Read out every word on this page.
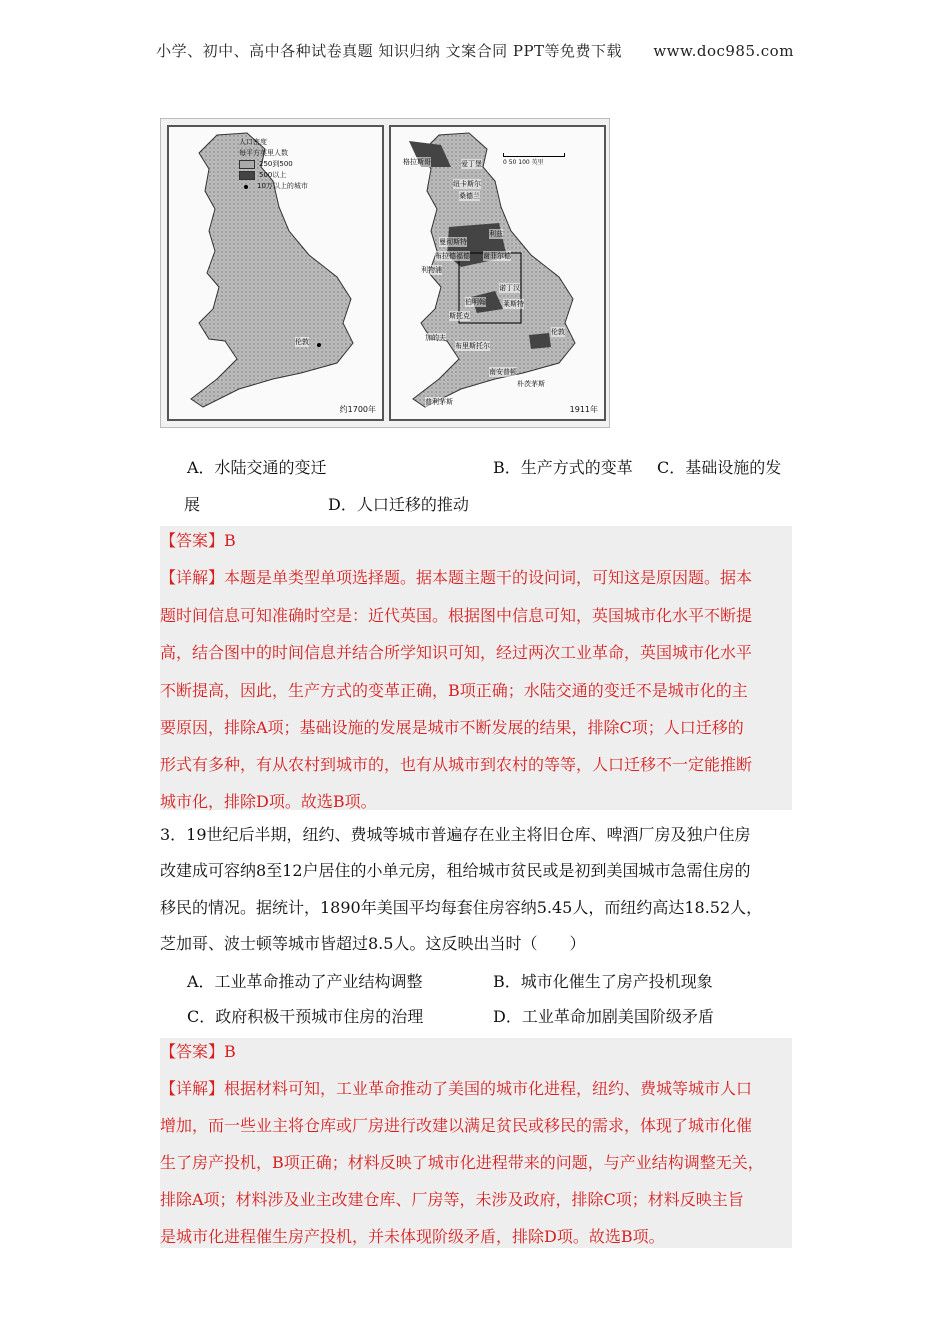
小学、初中、高中各种试卷真题 知识归纳 文案合同 PPT等免费下载 www.doc985.com
人口密度
每平方英里人数
250到500
500以上
10万以上的城市
伦敦
约1700年
0 50 100 英里
格拉斯哥	爱丁堡
纽卡斯尔
桑德兰
曼彻斯特
利兹
谢菲尔德
布拉德福德
利物浦
伯明翰
诺丁汉
莱斯特
斯托克
伦敦
南安普顿
朴茨茅斯
普利茅斯
布里斯托尔
加的夫
1911年
A．水陆交通的变迁	B．生产方式的变革 C．基础设施的发
展	D．人口迁移的推动
【答案】B
【详解】本题是单类型单项选择题。据本题主题干的设问词，可知这是原因题。据本
题时间信息可知准确时空是：近代英国。根据图中信息可知，英国城市化水平不断提
高，结合图中的时间信息并结合所学知识可知，经过两次工业革命，英国城市化水平
不断提高，因此，生产方式的变革正确，B项正确；水陆交通的变迁不是城市化的主
要原因，排除A项；基础设施的发展是城市不断发展的结果，排除C项；人口迁移的
形式有多种，有从农村到城市的，也有从城市到农村的等等，人口迁移不一定能推断
城市化，排除D项。故选B项。
3．19世纪后半期，纽约、费城等城市普遍存在业主将旧仓库、啤酒厂房及独户住房
改建成可容纳8至12户居住的小单元房，租给城市贫民或是初到美国城市急需住房的
移民的情况。据统计，1890年美国平均每套住房容纳5.45人，而纽约高达18.52人，
芝加哥、波士顿等城市皆超过8.5人。这反映出当时（　　）
A．工业革命推动了产业结构调整	B．城市化催生了房产投机现象
C．政府积极干预城市住房的治理	D．工业革命加剧美国阶级矛盾
【答案】B
【详解】根据材料可知，工业革命推动了美国的城市化进程，纽约、费城等城市人口
增加，而一些业主将仓库或厂房进行改建以满足贫民或移民的需求，体现了城市化催
生了房产投机，B项正确；材料反映了城市化进程带来的问题，与产业结构调整无关，
排除A项；材料涉及业主改建仓库、厂房等，未涉及政府，排除C项；材料反映主旨
是城市化进程催生房产投机，并未体现阶级矛盾，排除D项。故选B项。
